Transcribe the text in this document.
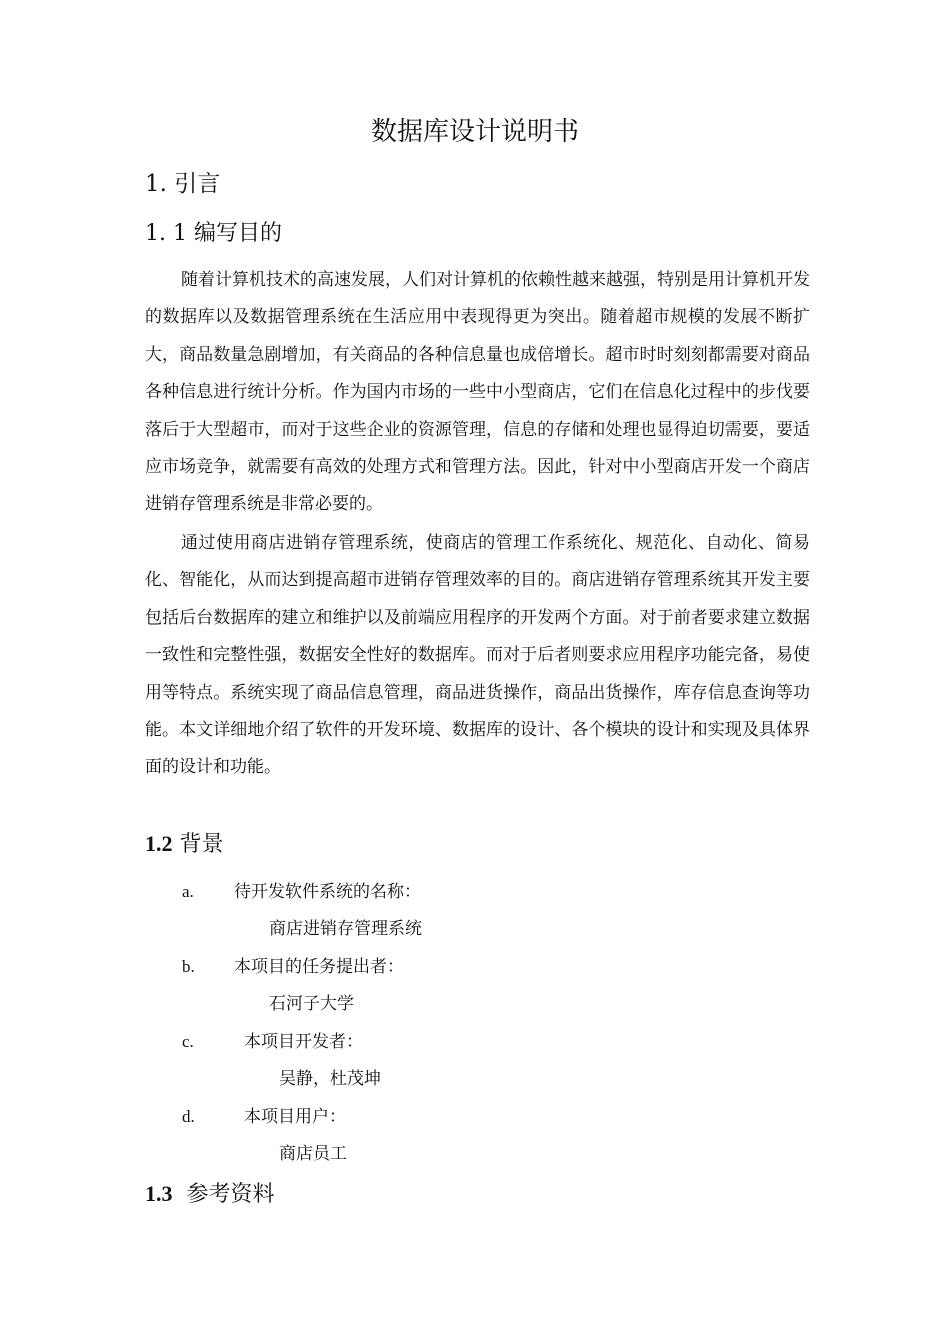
数据库设计说明书
1. 引言
1. 1 编写目的

随着计算机技术的高速发展，人们对计算机的依赖性越来越强，特别是用计算机开发的数据库以及数据管理系统在生活应用中表现得更为突出。随着超市规模的发展不断扩大，商品数量急剧增加，有关商品的各种信息量也成倍增长。超市时时刻刻都需要对商品各种信息进行统计分析。作为国内市场的一些中小型商店，它们在信息化过程中的步伐要落后于大型超市，而对于这些企业的资源管理，信息的存储和处理也显得迫切需要，要适应市场竞争，就需要有高效的处理方式和管理方法。因此，针对中小型商店开发一个商店进销存管理系统是非常必要的。

通过使用商店进销存管理系统，使商店的管理工作系统化、规范化、自动化、简易化、智能化，从而达到提高超市进销存管理效率的目的。商店进销存管理系统其开发主要包括后台数据库的建立和维护以及前端应用程序的开发两个方面。对于前者要求建立数据一致性和完整性强，数据安全性好的数据库。而对于后者则要求应用程序功能完备，易使用等特点。系统实现了商品信息管理，商品进货操作，商品出货操作，库存信息查询等功能。本文详细地介绍了软件的开发环境、数据库的设计、各个模块的设计和实现及具体界面的设计和功能。

1.2 背景
a. 待开发软件系统的名称：
商店进销存管理系统
b. 本项目的任务提出者：
石河子大学
c.	本项目开发者：
吴静，杜茂坤
d.	本项目用户：
商店员工
1.3 参考资料
